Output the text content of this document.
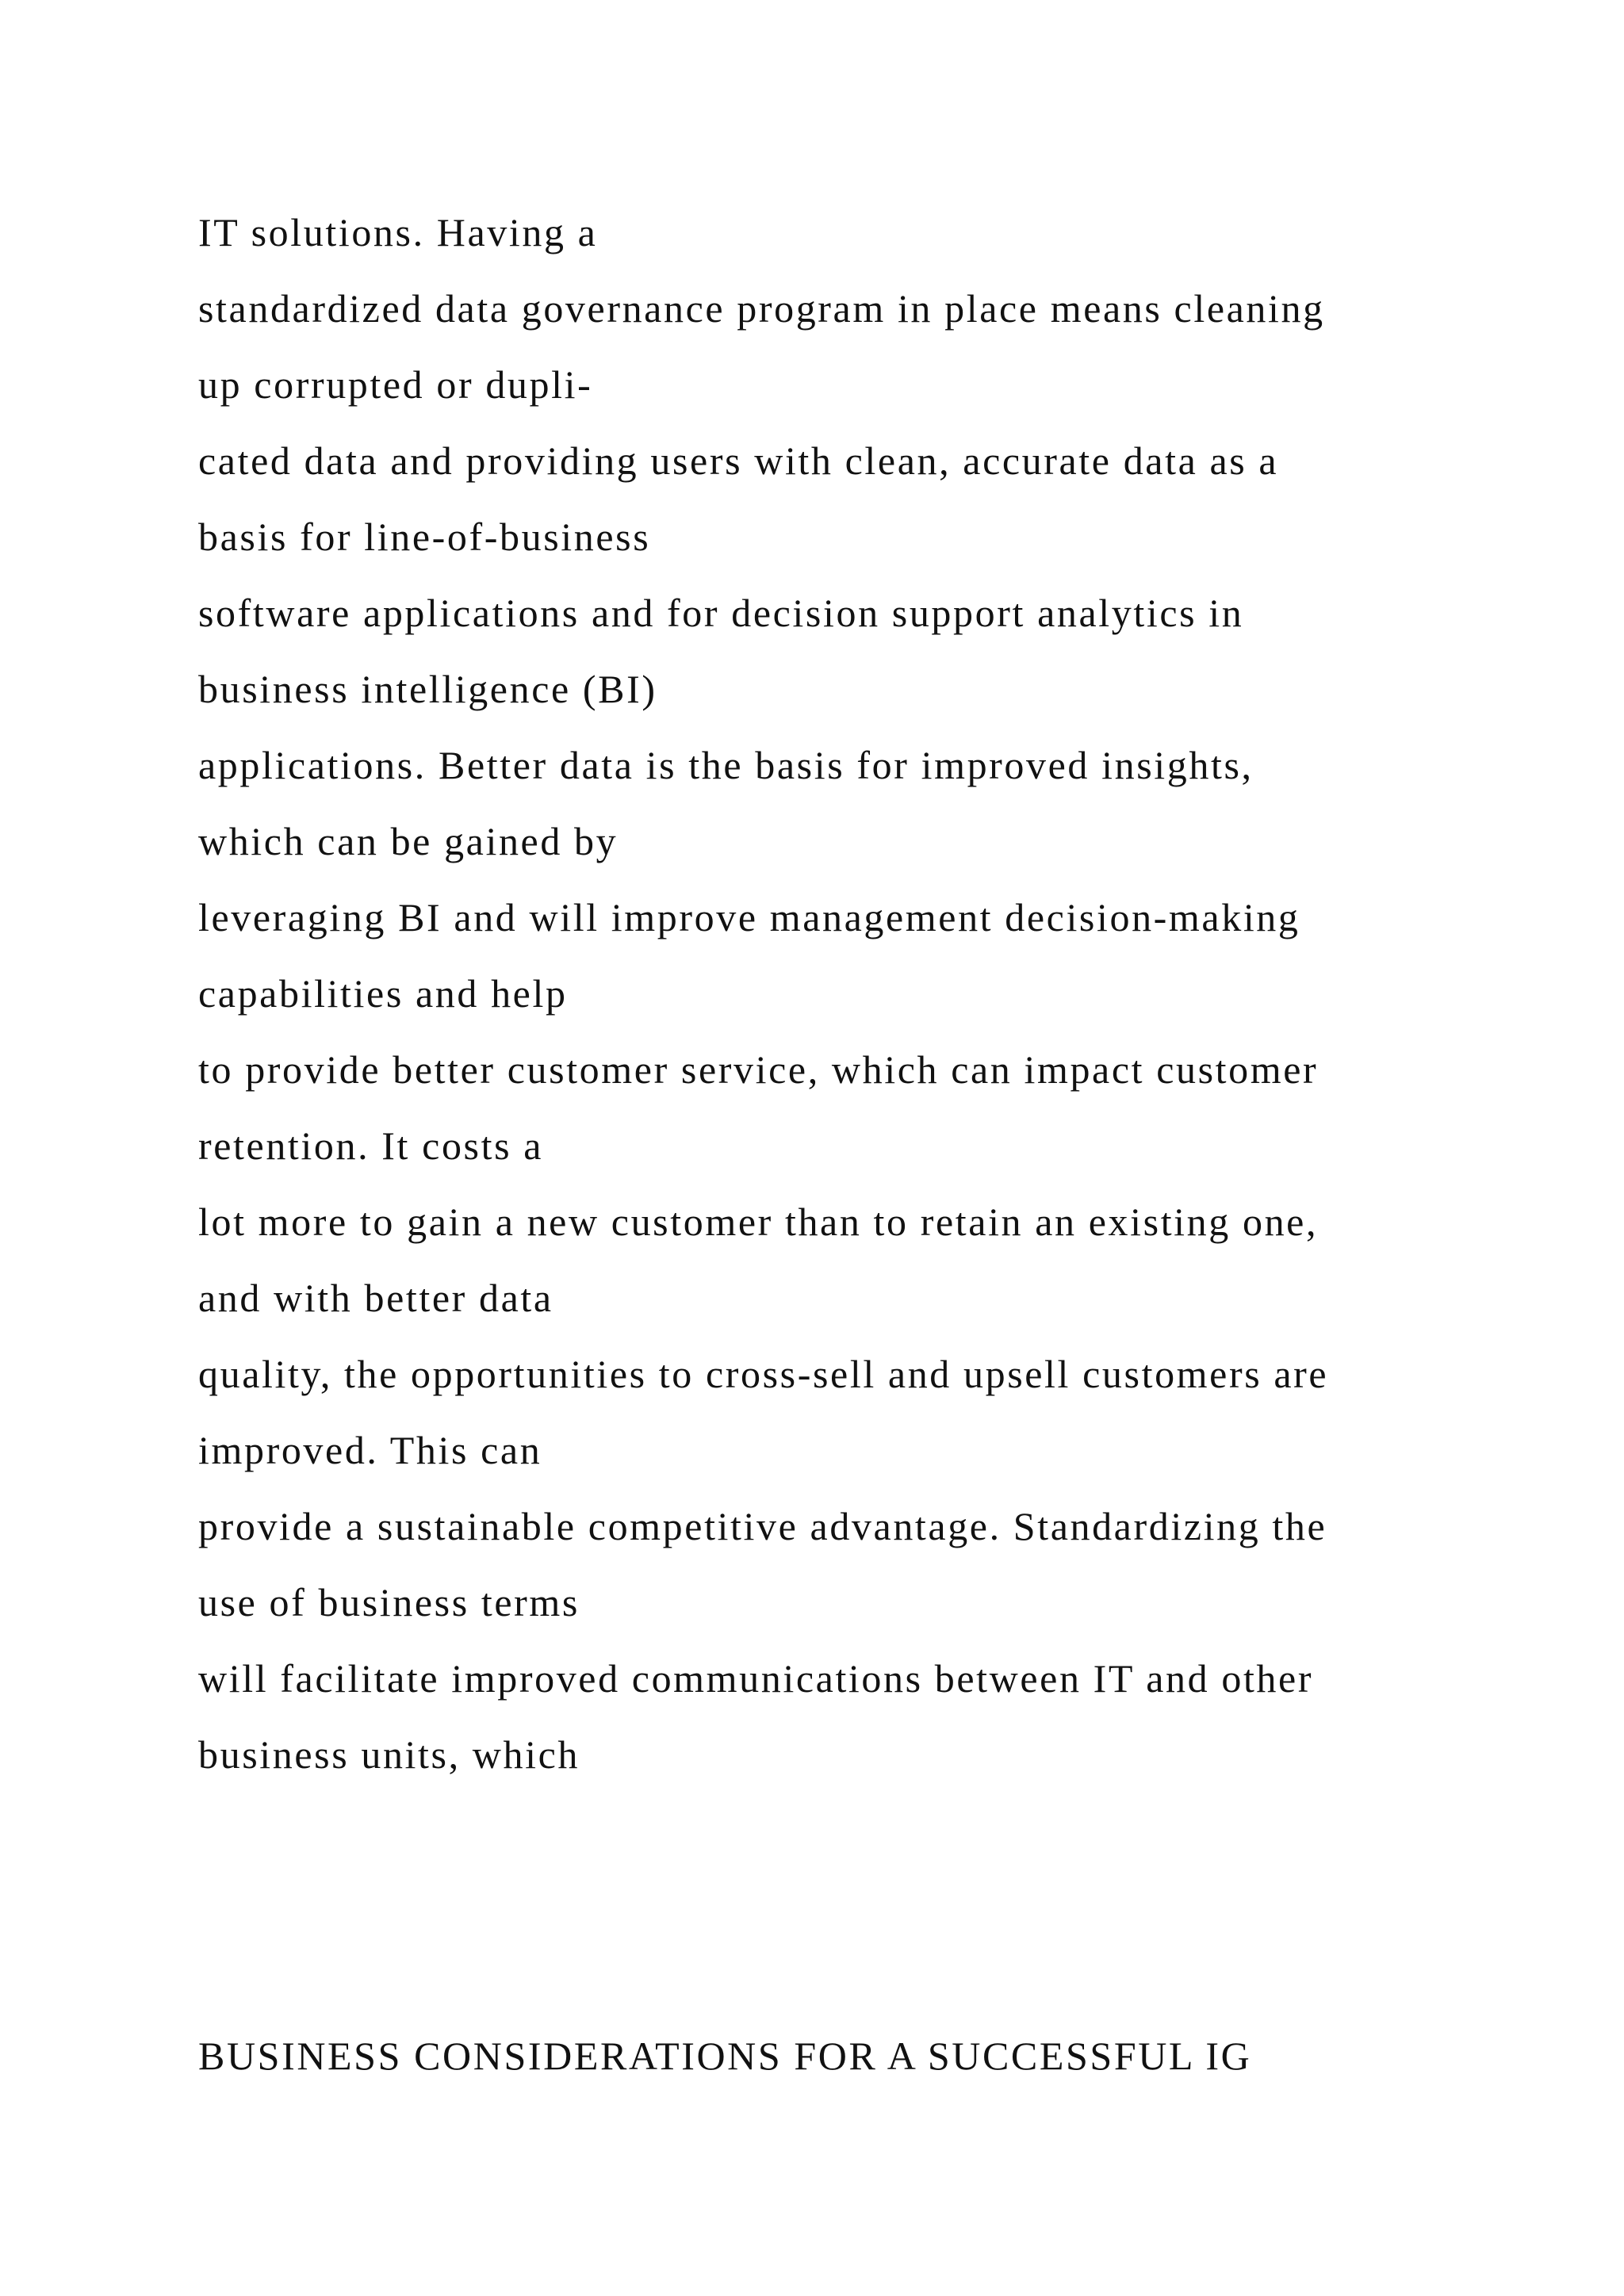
IT solutions. Having a
standardized data governance program in place means cleaning
up corrupted or dupli-
cated data and providing users with clean, accurate data as a
basis for line-of-business
software applications and for decision support analytics in
business intelligence (BI)
applications. Better data is the basis for improved insights,
which can be gained by
leveraging BI and will improve management decision-making
capabilities and help
to provide better customer service, which can impact customer
retention. It costs a
lot more to gain a new customer than to retain an existing one,
and with better data
quality, the opportunities to cross-sell and upsell customers are
improved. This can
provide a sustainable competitive advantage. Standardizing the
use of business terms
will facilitate improved communications between IT and other
business units, which
BUSINESS CONSIDERATIONS FOR A SUCCESSFUL IG
